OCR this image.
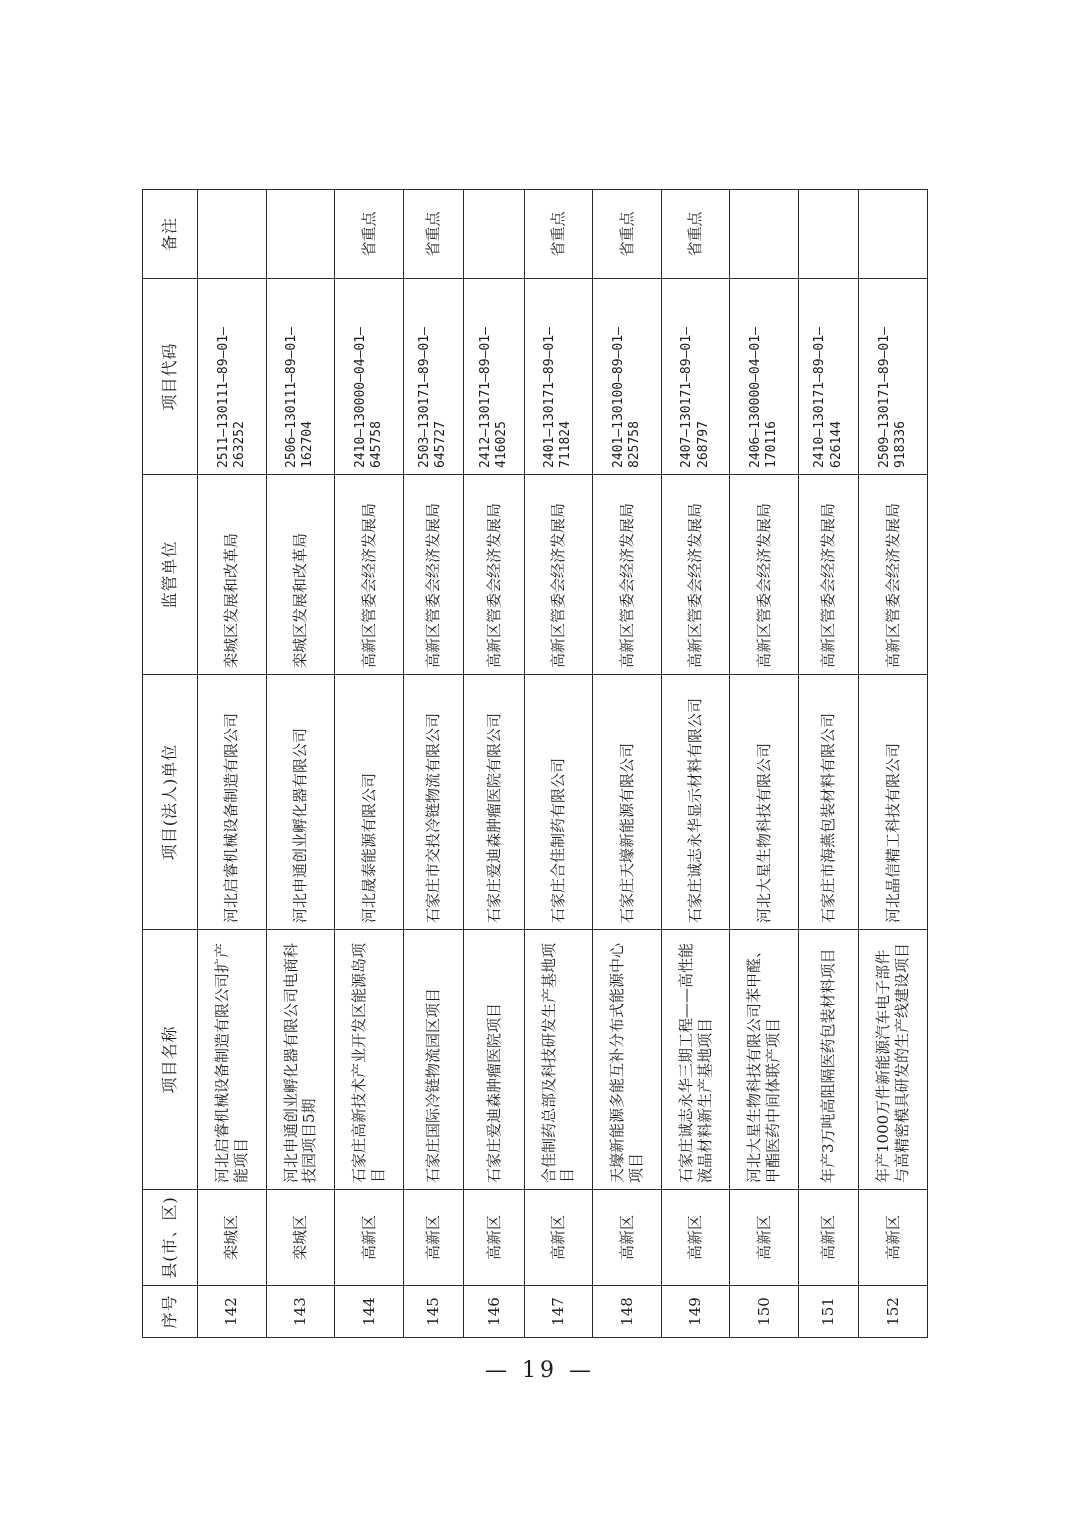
序号	县(市、区)	项目名称	项目(法人)单位	监管单位	项目代码	备注
142	栾城区	河北启睿机械设备制造有限公司扩产能项目	河北启睿机械设备制造有限公司	栾城区发展和改革局	2511—130111—89—01—263252	
143	栾城区	河北申通创业孵化器有限公司电商科技园项目5期	河北申通创业孵化器有限公司	栾城区发展和改革局	2506—130111—89—01—162704	
144	高新区	石家庄高新技术产业开发区能源岛项目	河北晟泰能源有限公司	高新区管委会经济发展局	2410—130000—04—01—645758	省重点
145	高新区	石家庄国际冷链物流园区项目	石家庄市交投冷链物流有限公司	高新区管委会经济发展局	2503—130171—89—01—645727	省重点
146	高新区	石家庄爱迪森肿瘤医院项目	石家庄爱迪森肿瘤医院有限公司	高新区管委会经济发展局	2412—130171—89—01—416025	
147	高新区	合佳制药总部及科技研发生产基地项目	石家庄合佳制药有限公司	高新区管委会经济发展局	2401—130171—89—01—711824	省重点
148	高新区	天壕新能源多能互补分布式能源中心项目	石家庄天壕新能源有限公司	高新区管委会经济发展局	2401—130100—89—01—825758	省重点
149	高新区	石家庄诚志永华三期工程——高性能液晶材料新生产基地项目	石家庄诚志永华显示材料有限公司	高新区管委会经济发展局	2407—130171—89—01—268797	省重点
150	高新区	河北大星生物科技有限公司苯甲醛、甲酯医药中间体联产项目	河北大星生物科技有限公司	高新区管委会经济发展局	2406—130000—04—01—170116	
151	高新区	年产3万吨高阻隔医药包装材料项目	石家庄市海燕包装材料有限公司	高新区管委会经济发展局	2410—130171—89—01—626144	
152	高新区	年产1000万件新能源汽车电子部件与高精密模具研发的生产线建设项目	河北晶信精工科技有限公司	高新区管委会经济发展局	2509—130171—89—01—918336	
— 19 —
